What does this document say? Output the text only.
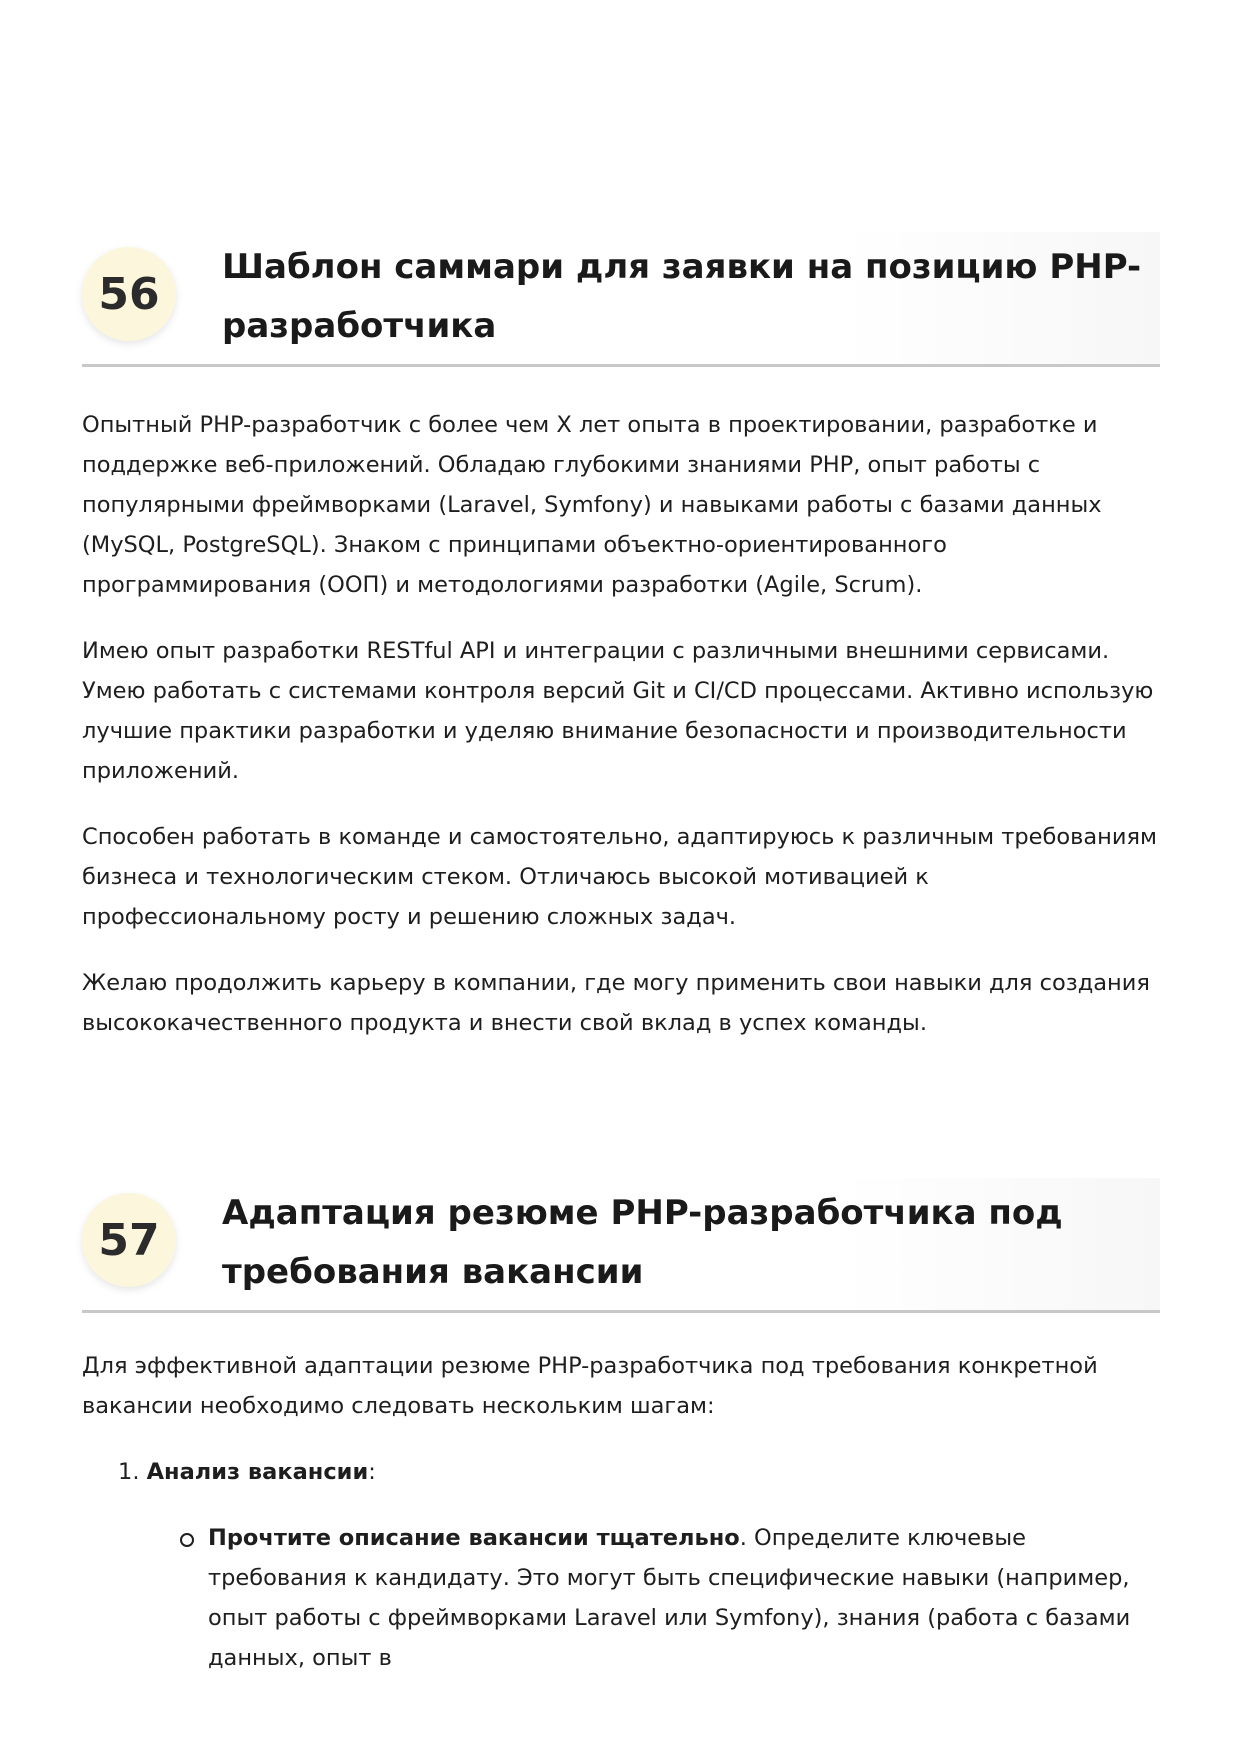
56
Шаблон саммари для заявки на позицию PHP-разработчика

Опытный PHP-разработчик с более чем X лет опыта в проектировании, разработке и поддержке веб-приложений. Обладаю глубокими знаниями PHP, опыт работы с популярными фреймворками (Laravel, Symfony) и навыками работы с базами данных (MySQL, PostgreSQL). Знаком с принципами объектно-ориентированного программирования (ООП) и методологиями разработки (Agile, Scrum).

Имею опыт разработки RESTful API и интеграции с различными внешними сервисами. Умею работать с системами контроля версий Git и CI/CD процессами. Активно использую лучшие практики разработки и уделяю внимание безопасности и производительности приложений.

Способен работать в команде и самостоятельно, адаптируюсь к различным требованиям бизнеса и технологическим стеком. Отличаюсь высокой мотивацией к профессиональному росту и решению сложных задач.

Желаю продолжить карьеру в компании, где могу применить свои навыки для создания высококачественного продукта и внести свой вклад в успех команды.

57
Адаптация резюме PHP-разработчика под требования вакансии

Для эффективной адаптации резюме PHP-разработчика под требования конкретной вакансии необходимо следовать нескольким шагам:

1. Анализ вакансии:
Прочтите описание вакансии тщательно. Определите ключевые требования к кандидату. Это могут быть специфические навыки (например, опыт работы с фреймворками Laravel или Symfony), знания (работа с базами данных, опыт в
